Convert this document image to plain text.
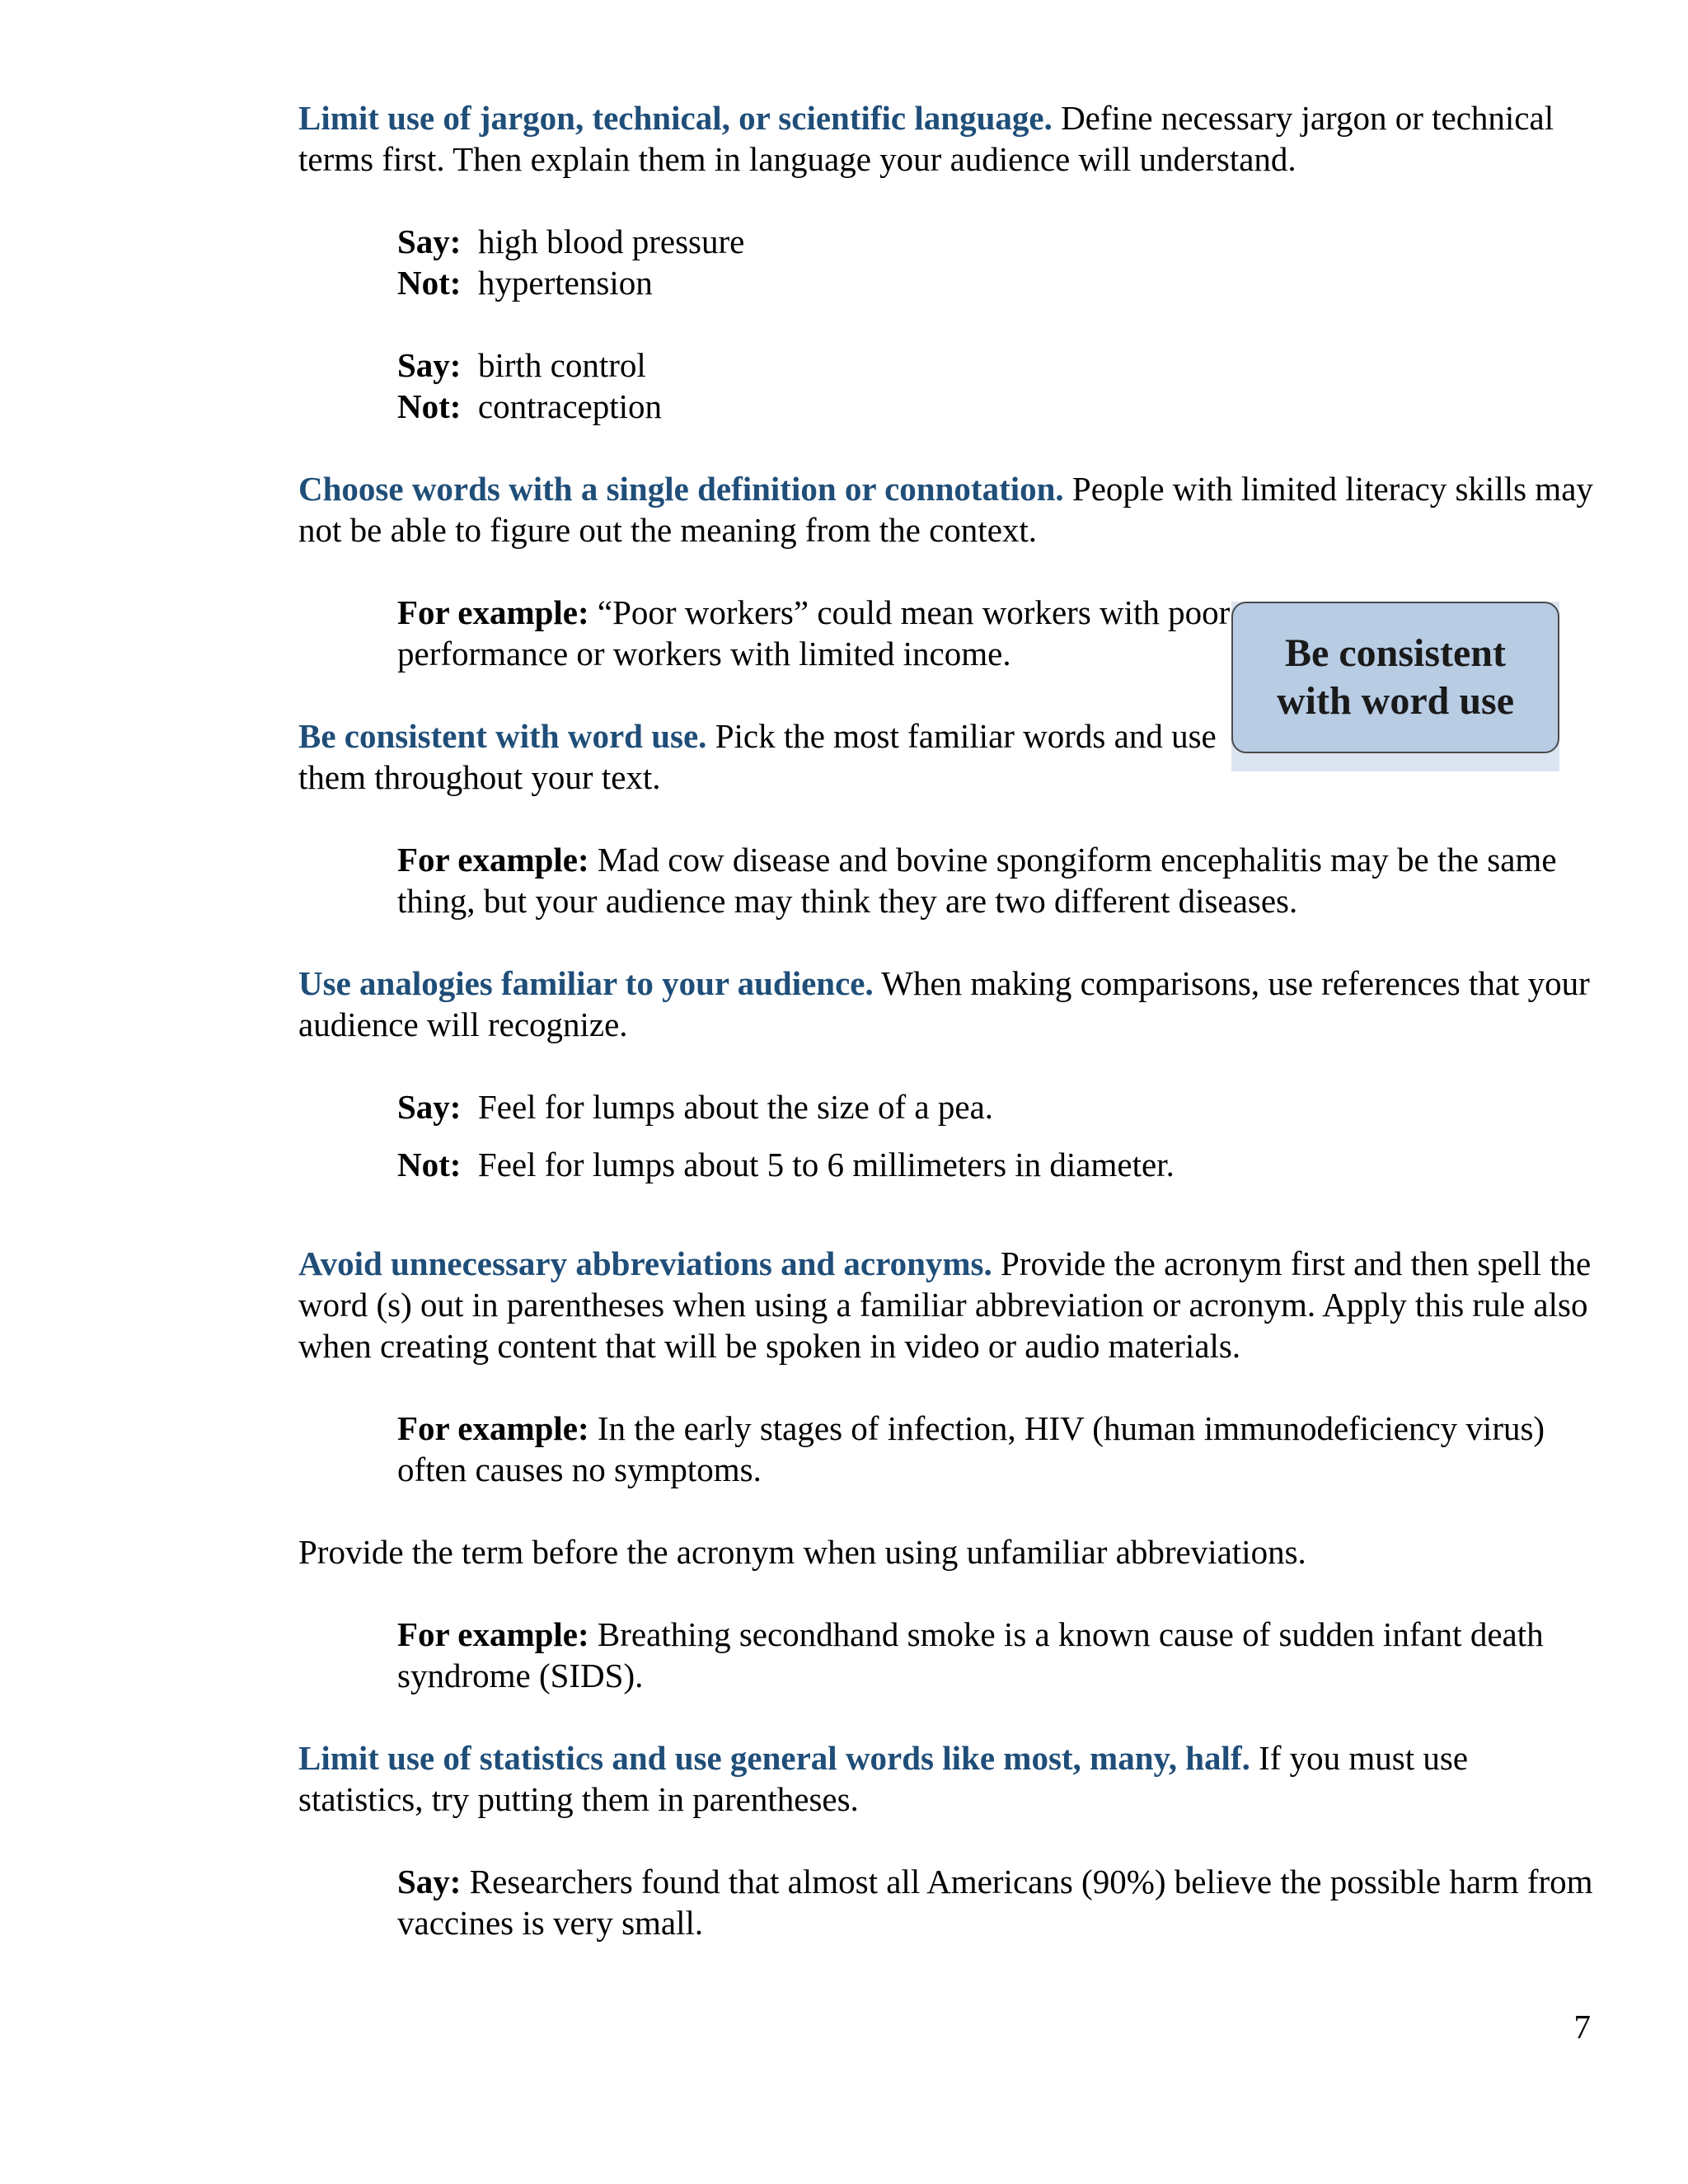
Limit use of jargon, technical, or scientific language. Define necessary jargon or technical terms first. Then explain them in language your audience will understand.

Say: high blood pressure
Not: hypertension
Say: birth control
Not: contraception

Choose words with a single definition or connotation. People with limited literacy skills may not be able to figure out the meaning from the context.

For example: “Poor workers” could mean workers with poor performance or workers with limited income.

Be consistent with word use. Pick the most familiar words and use them throughout your text.

For example: Mad cow disease and bovine spongiform encephalitis may be the same thing, but your audience may think they are two different diseases.

Use analogies familiar to your audience. When making comparisons, use references that your audience will recognize.

Say: Feel for lumps about the size of a pea.
Not: Feel for lumps about 5 to 6 millimeters in diameter.

Avoid unnecessary abbreviations and acronyms. Provide the acronym first and then spell the word (s) out in parentheses when using a familiar abbreviation or acronym. Apply this rule also when creating content that will be spoken in video or audio materials.

For example: In the early stages of infection, HIV (human immunodeficiency virus) often causes no symptoms.

Provide the term before the acronym when using unfamiliar abbreviations.

For example: Breathing secondhand smoke is a known cause of sudden infant death syndrome (SIDS).

Limit use of statistics and use general words like most, many, half. If you must use statistics, try putting them in parentheses.

Say: Researchers found that almost all Americans (90%) believe the possible harm from vaccines is very small.

Be consistent
with word use
7
